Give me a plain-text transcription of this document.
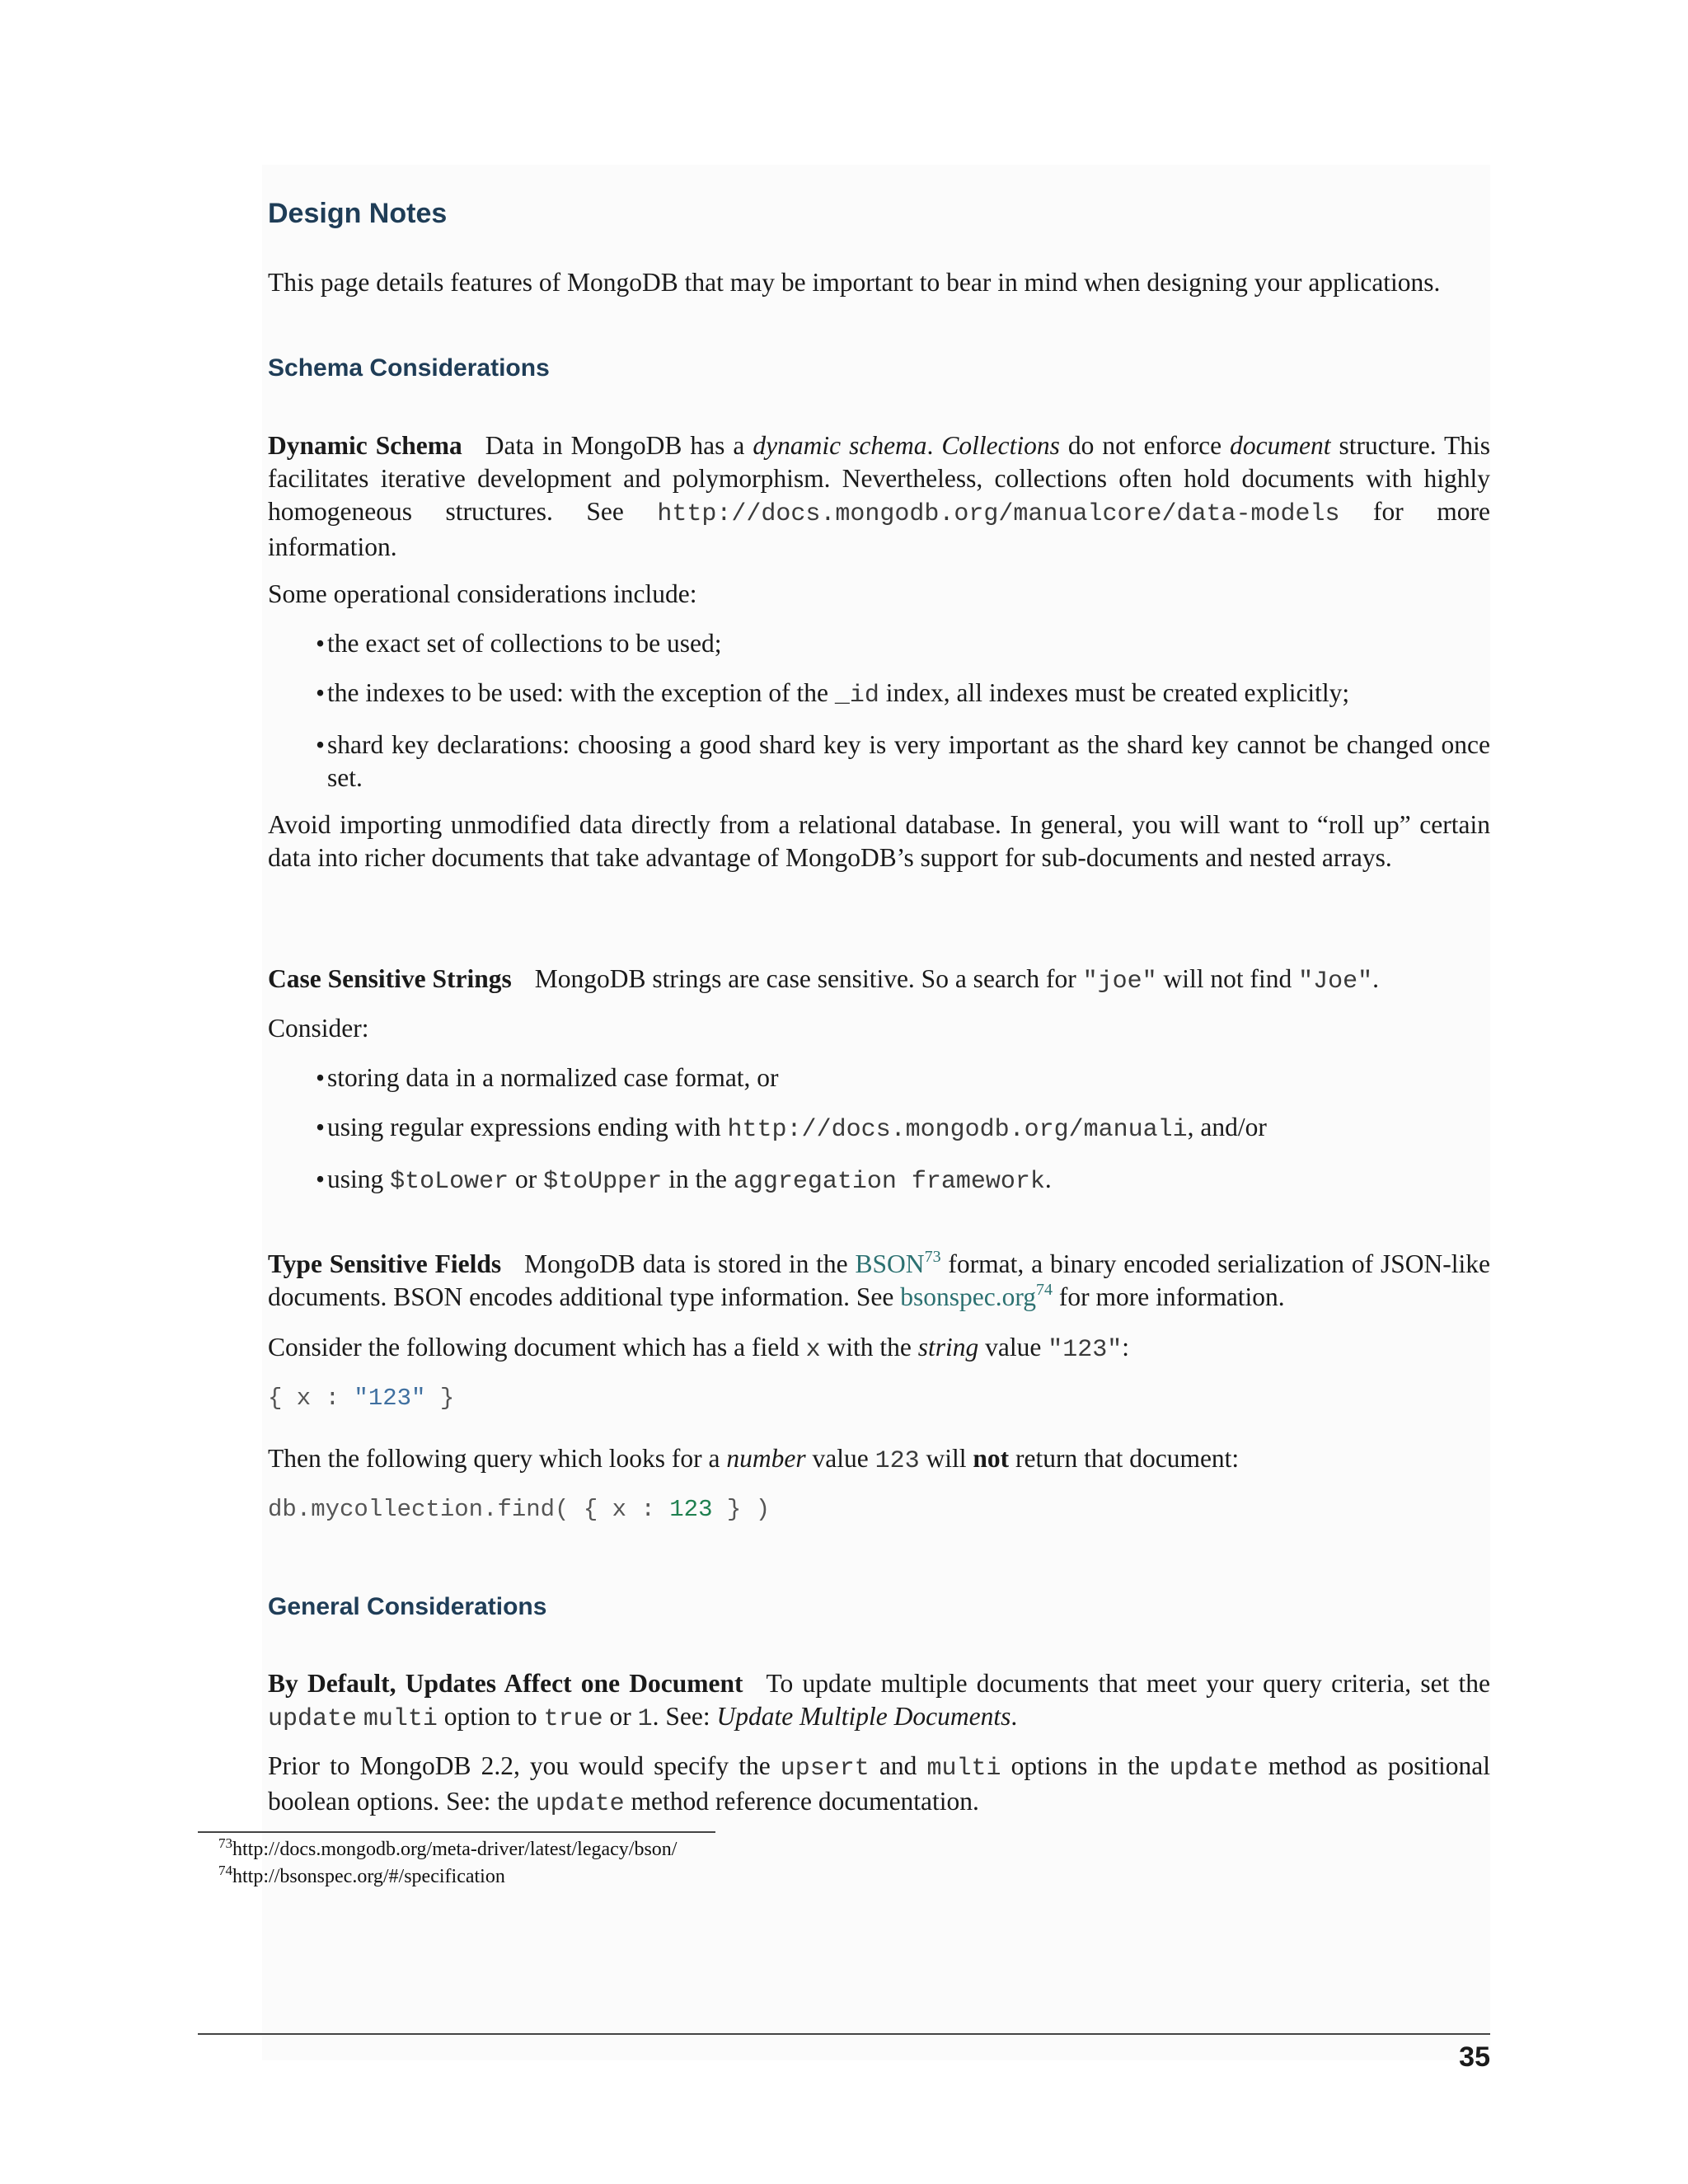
Design Notes

This page details features of MongoDB that may be important to bear in mind when designing your applications.

Schema Considerations

Dynamic Schema Data in MongoDB has a dynamic schema. Collections do not enforce document structure. This facilitates iterative development and polymorphism. Nevertheless, collections often hold documents with highly homogeneous structures. See http://docs.mongodb.org/manualcore/data-models for more information.

Some operational considerations include:

• the exact set of collections to be used;
• the indexes to be used: with the exception of the _id index, all indexes must be created explicitly;
• shard key declarations: choosing a good shard key is very important as the shard key cannot be changed once set.

Avoid importing unmodified data directly from a relational database. In general, you will want to “roll up” certain data into richer documents that take advantage of MongoDB’s support for sub-documents and nested arrays.

Case Sensitive Strings MongoDB strings are case sensitive. So a search for "joe" will not find "Joe".

Consider:

• storing data in a normalized case format, or
• using regular expressions ending with http://docs.mongodb.org/manuali, and/or
• using $toLower or $toUpper in the aggregation framework.

Type Sensitive Fields MongoDB data is stored in the BSON$^{73}$ format, a binary encoded serialization of JSON-like documents. BSON encodes additional type information. See bsonspec.org$^{74}$ for more information.

Consider the following document which has a field x with the string value "123":

{ x : "123" }

Then the following query which looks for a number value 123 will not return that document:

db.mycollection.find( { x : 123 } )
General Considerations

By Default, Updates Affect one Document To update multiple documents that meet your query criteria, set the update multi option to true or 1. See: Update Multiple Documents.

Prior to MongoDB 2.2, you would specify the upsert and multi options in the update method as positional boolean options. See: the update method reference documentation.

$^{73}$http://docs.mongodb.org/meta-driver/latest/legacy/bson/
$^{74}$http://bsonspec.org/#/specification
35
